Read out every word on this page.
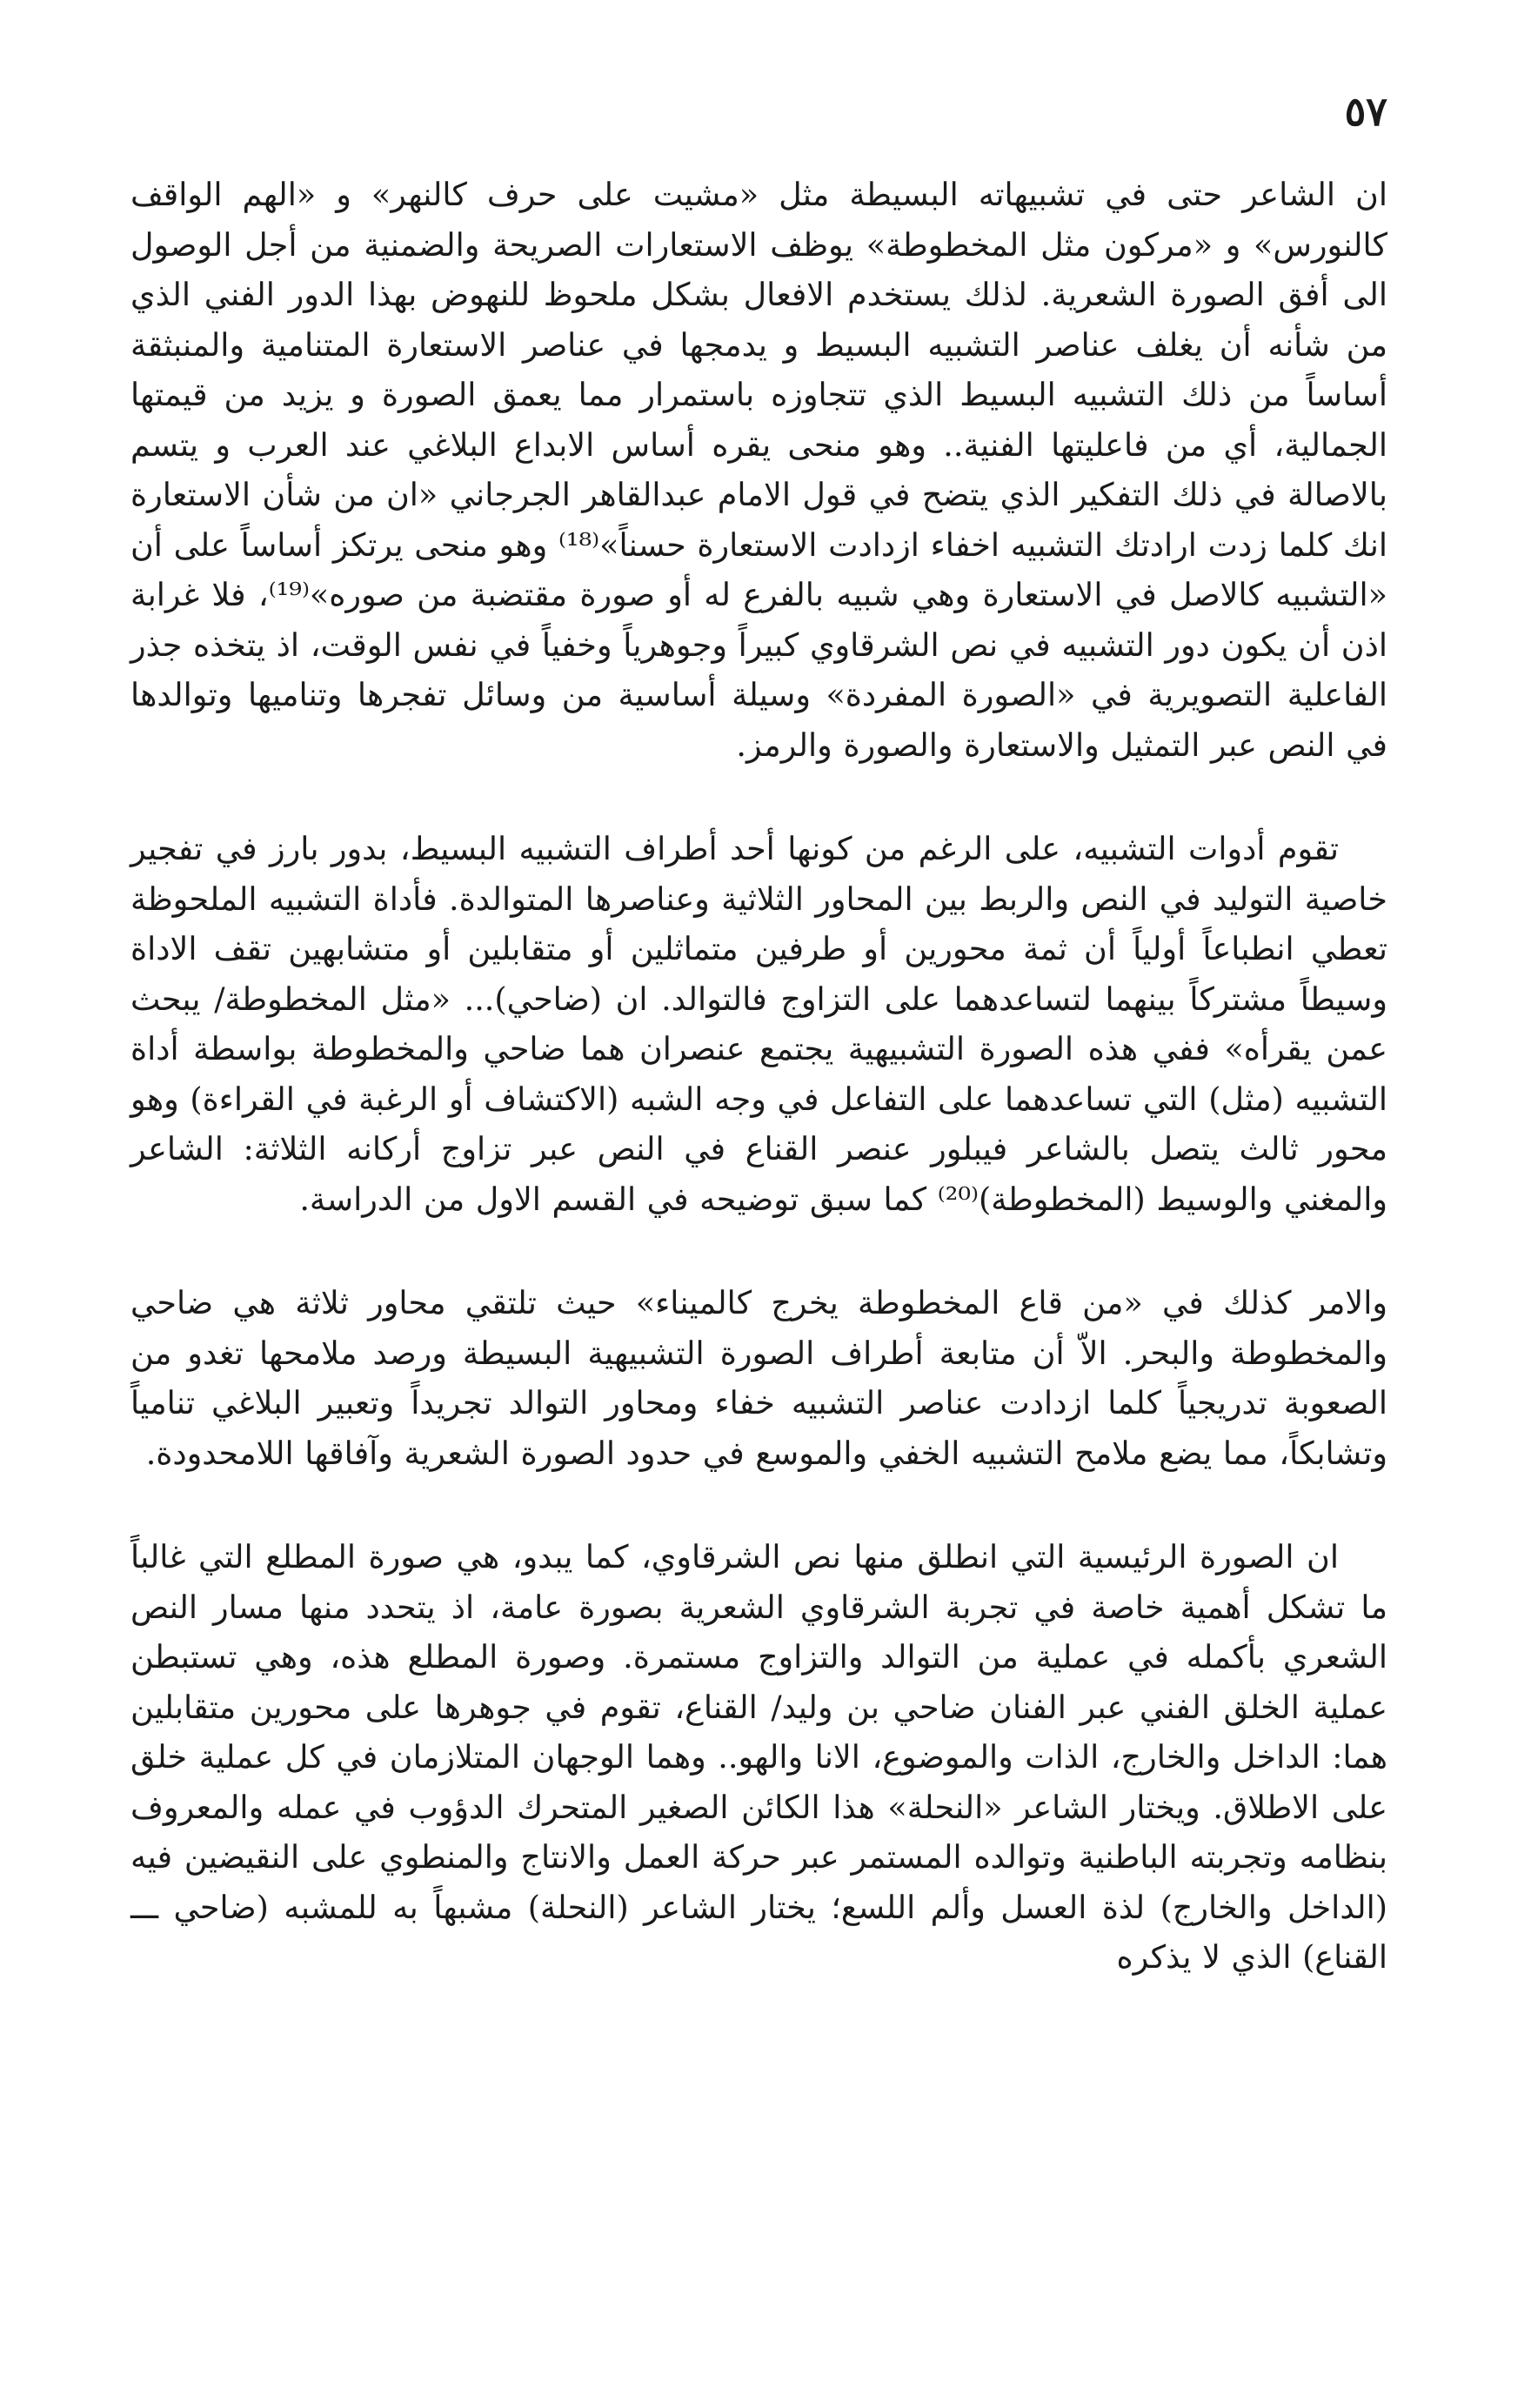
٥٧

ان الشاعر حتى في تشبيهاته البسيطة مثل «مشيت على حرف كالنهر» و «الهم الواقف كالنورس» و «مركون مثل المخطوطة» يوظف الاستعارات الصريحة والضمنية من أجل الوصول الى أفق الصورة الشعرية. لذلك يستخدم الافعال بشكل ملحوظ للنهوض بهذا الدور الفني الذي من شأنه أن يغلف عناصر التشبيه البسيط و يدمجها في عناصر الاستعارة المتنامية والمنبثقة أساساً من ذلك التشبيه البسيط الذي تتجاوزه باستمرار مما يعمق الصورة و يزيد من قيمتها الجمالية، أي من فاعليتها الفنية.. وهو منحى يقره أساس الابداع البلاغي عند العرب و يتسم بالاصالة في ذلك التفكير الذي يتضح في قول الامام عبدالقاهر الجرجاني «ان من شأن الاستعارة انك كلما زدت ارادتك التشبيه اخفاء ازدادت الاستعارة حسناً»⁽¹⁸⁾ وهو منحى يرتكز أساساً على أن «التشبيه كالاصل في الاستعارة وهي شبيه بالفرع له أو صورة مقتضبة من صوره»⁽¹⁹⁾، فلا غرابة اذن أن يكون دور التشبيه في نص الشرقاوي كبيراً وجوهرياً وخفياً في نفس الوقت، اذ يتخذه جذر الفاعلية التصويرية في «الصورة المفردة» وسيلة أساسية من وسائل تفجرها وتناميها وتوالدها في النص عبر التمثيل والاستعارة والصورة والرمز.

تقوم أدوات التشبيه، على الرغم من كونها أحد أطراف التشبيه البسيط، بدور بارز في تفجير خاصية التوليد في النص والربط بين المحاور الثلاثية وعناصرها المتوالدة. فأداة التشبيه الملحوظة تعطي انطباعاً أولياً أن ثمة محورين أو طرفين متماثلين أو متقابلين أو متشابهين تقف الاداة وسيطاً مشتركاً بينهما لتساعدهما على التزاوج فالتوالد. ان (ضاحي)... «مثل المخطوطة/ يبحث عمن يقرأه» ففي هذه الصورة التشبيهية يجتمع عنصران هما ضاحي والمخطوطة بواسطة أداة التشبيه (مثل) التي تساعدهما على التفاعل في وجه الشبه (الاكتشاف أو الرغبة في القراءة) وهو محور ثالث يتصل بالشاعر فيبلور عنصر القناع في النص عبر تزاوج أركانه الثلاثة: الشاعر والمغني والوسيط (المخطوطة)⁽²⁰⁾ كما سبق توضيحه في القسم الاول من الدراسة.

والامر كذلك في «من قاع المخطوطة يخرج كالميناء» حيث تلتقي محاور ثلاثة هي ضاحي والمخطوطة والبحر. الاّ أن متابعة أطراف الصورة التشبيهية البسيطة ورصد ملامحها تغدو من الصعوبة تدريجياً كلما ازدادت عناصر التشبيه خفاء ومحاور التوالد تجريداً وتعبير البلاغي تنامياً وتشابكاً، مما يضع ملامح التشبيه الخفي والموسع في حدود الصورة الشعرية وآفاقها اللامحدودة.

ان الصورة الرئيسية التي انطلق منها نص الشرقاوي، كما يبدو، هي صورة المطلع التي غالباً ما تشكل أهمية خاصة في تجربة الشرقاوي الشعرية بصورة عامة، اذ يتحدد منها مسار النص الشعري بأكمله في عملية من التوالد والتزاوج مستمرة. وصورة المطلع هذه، وهي تستبطن عملية الخلق الفني عبر الفنان ضاحي بن وليد/ القناع، تقوم في جوهرها على محورين متقابلين هما: الداخل والخارج، الذات والموضوع، الانا والهو.. وهما الوجهان المتلازمان في كل عملية خلق على الاطلاق. ويختار الشاعر «النحلة» هذا الكائن الصغير المتحرك الدؤوب في عمله والمعروف بنظامه وتجربته الباطنية وتوالده المستمر عبر حركة العمل والانتاج والمنطوي على النقيضين فيه (الداخل والخارج) لذة العسل وألم اللسع؛ يختار الشاعر (النحلة) مشبهاً به للمشبه (ضاحي ـــ القناع) الذي لا يذكره
